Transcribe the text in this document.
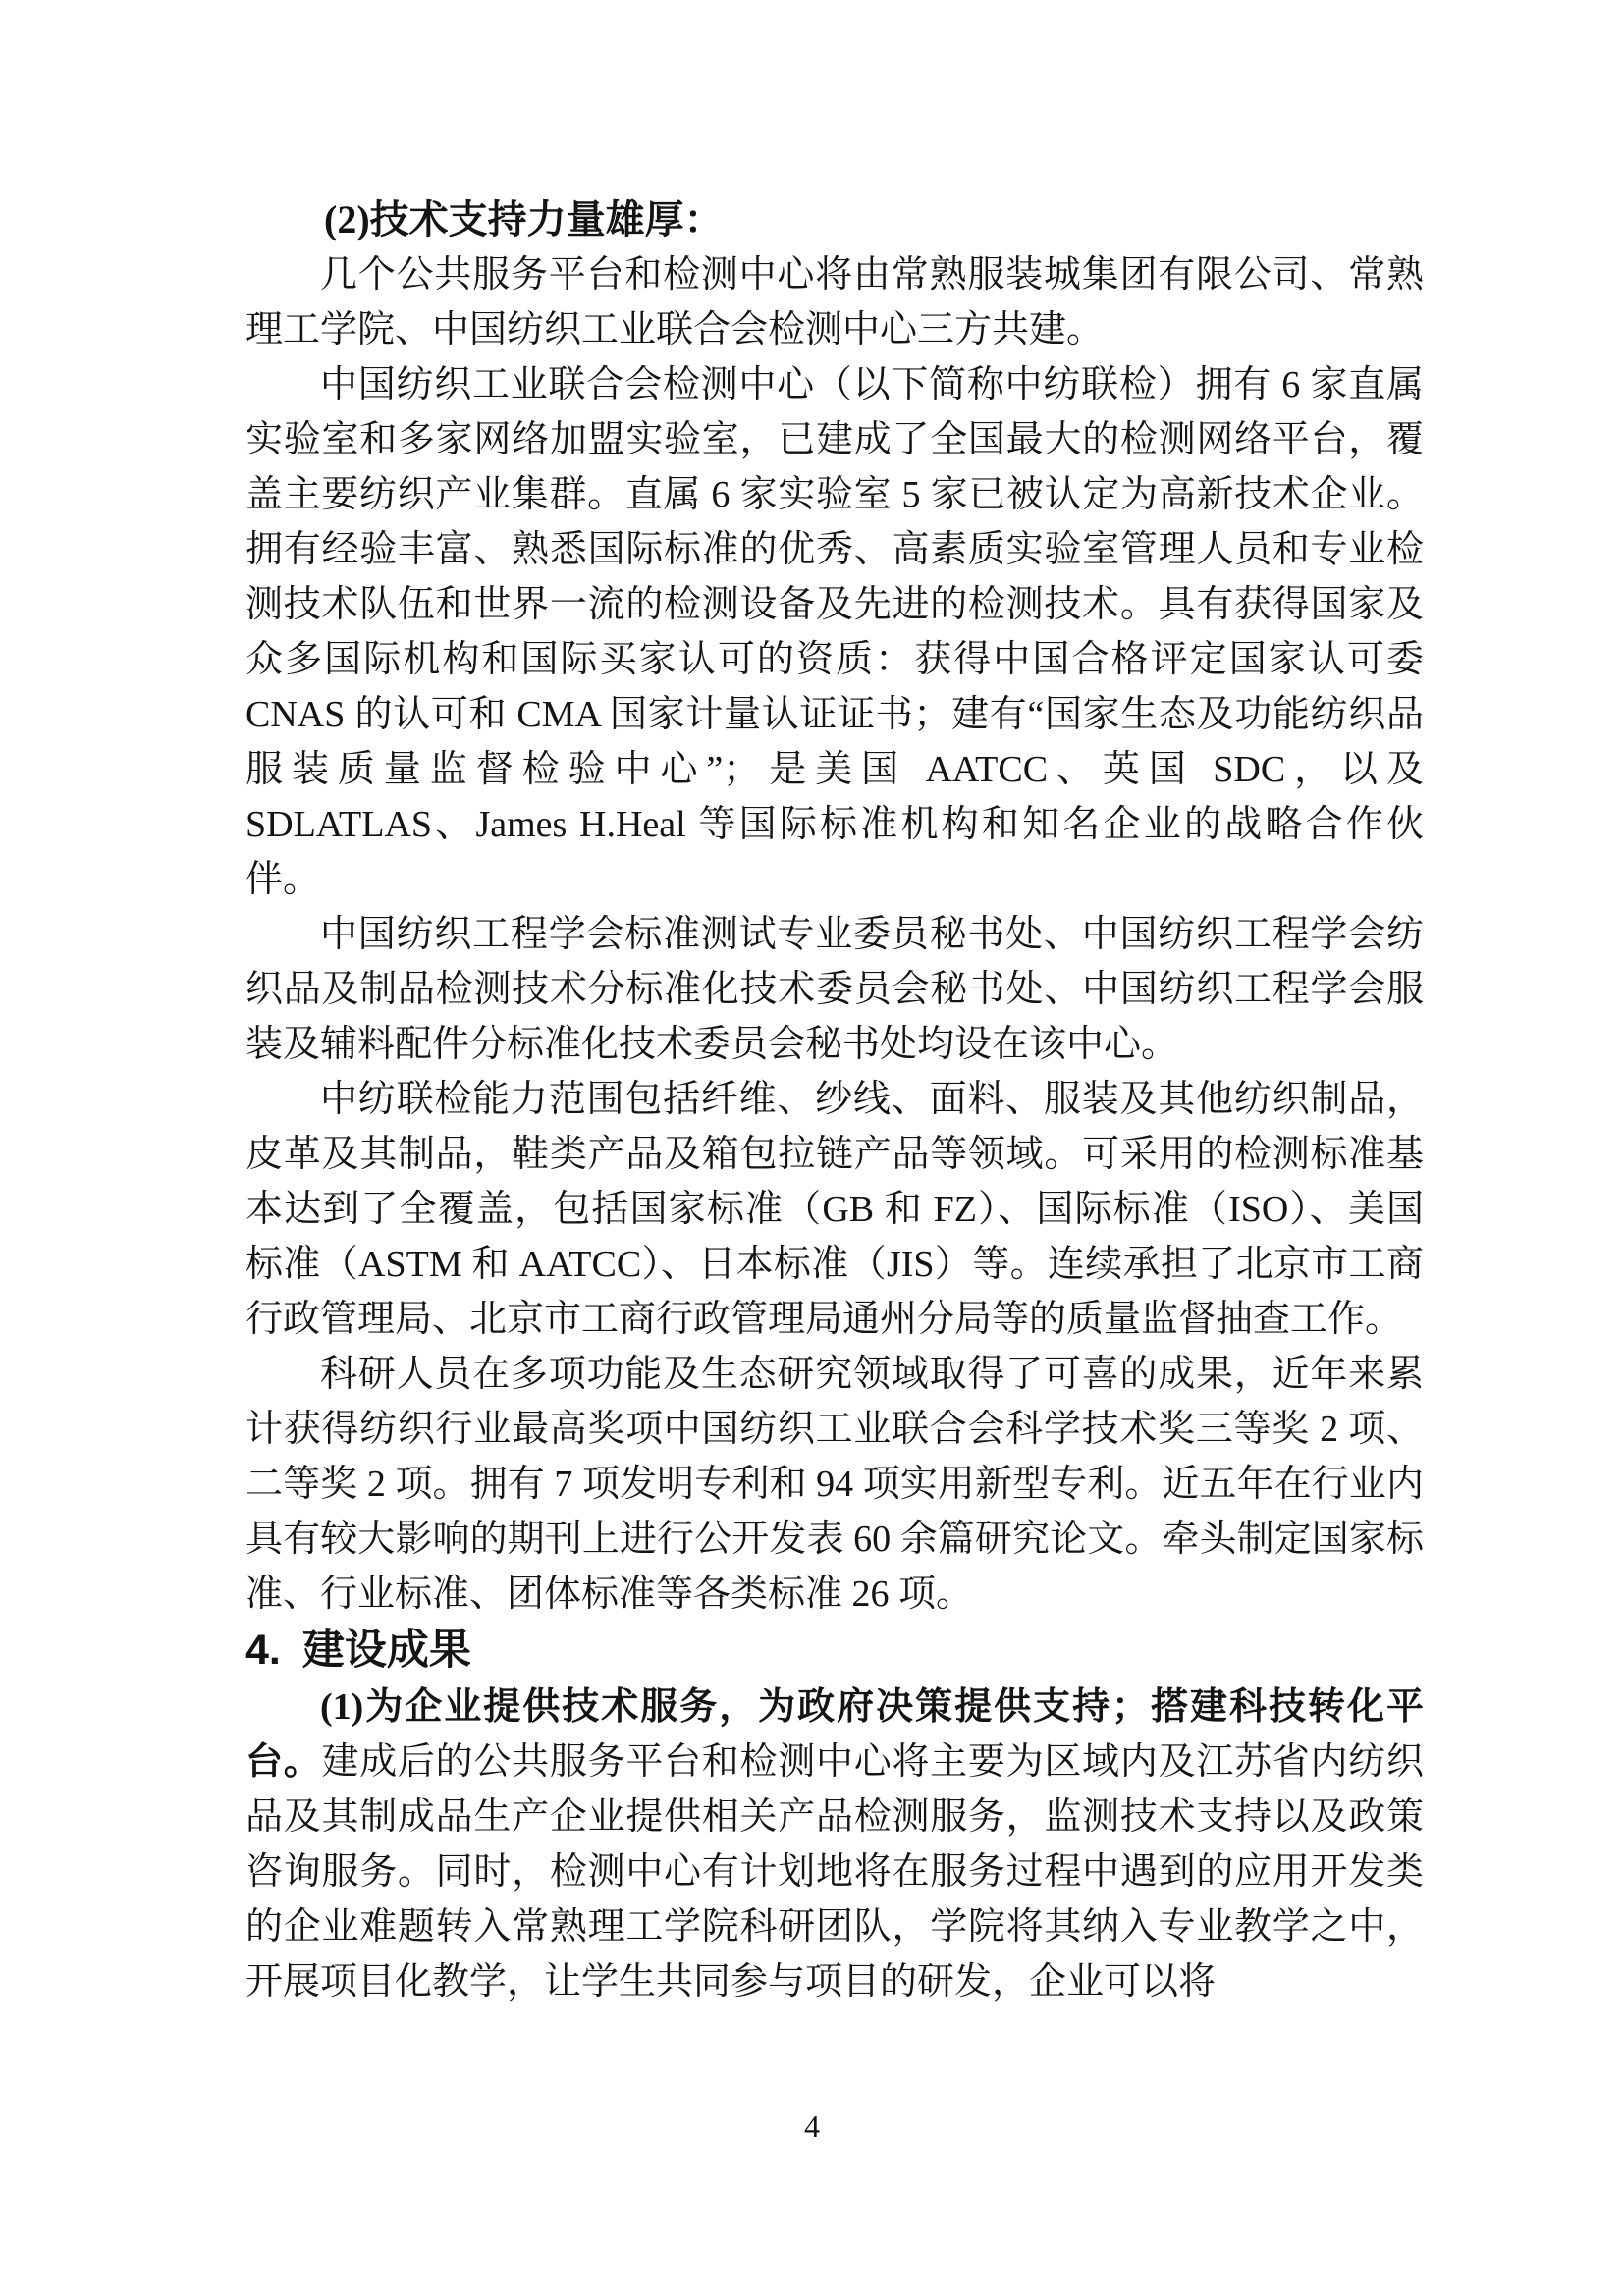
(2)技术支持力量雄厚：

几个公共服务平台和检测中心将由常熟服装城集团有限公司、常熟理工学院、中国纺织工业联合会检测中心三方共建。

中国纺织工业联合会检测中心（以下简称中纺联检）拥有 6 家直属实验室和多家网络加盟实验室，已建成了全国最大的检测网络平台，覆盖主要纺织产业集群。直属 6 家实验室 5 家已被认定为高新技术企业。拥有经验丰富、熟悉国际标准的优秀、高素质实验室管理人员和专业检测技术队伍和世界一流的检测设备及先进的检测技术。具有获得国家及众多国际机构和国际买家认可的资质：获得中国合格评定国家认可委 CNAS 的认可和 CMA 国家计量认证证书；建有“国家生态及功能纺织品服装质量监督检验中心”；是美国 AATCC、英国 SDC，以及 SDLATLAS、James H.Heal 等国际标准机构和知名企业的战略合作伙伴。

中国纺织工程学会标准测试专业委员秘书处、中国纺织工程学会纺织品及制品检测技术分标准化技术委员会秘书处、中国纺织工程学会服装及辅料配件分标准化技术委员会秘书处均设在该中心。

中纺联检能力范围包括纤维、纱线、面料、服装及其他纺织制品，皮革及其制品，鞋类产品及箱包拉链产品等领域。可采用的检测标准基本达到了全覆盖，包括国家标准（GB 和 FZ）、国际标准（ISO）、美国标准（ASTM 和 AATCC）、日本标准（JIS）等。连续承担了北京市工商行政管理局、北京市工商行政管理局通州分局等的质量监督抽查工作。

科研人员在多项功能及生态研究领域取得了可喜的成果，近年来累计获得纺织行业最高奖项中国纺织工业联合会科学技术奖三等奖 2 项、二等奖 2 项。拥有 7 项发明专利和 94 项实用新型专利。近五年在行业内具有较大影响的期刊上进行公开发表 60 余篇研究论文。牵头制定国家标准、行业标准、团体标准等各类标准 26 项。

4. 建设成果

(1)为企业提供技术服务，为政府决策提供支持；搭建科技转化平台。建成后的公共服务平台和检测中心将主要为区域内及江苏省内纺织品及其制成品生产企业提供相关产品检测服务，监测技术支持以及政策咨询服务。同时，检测中心有计划地将在服务过程中遇到的应用开发类的企业难题转入常熟理工学院科研团队，学院将其纳入专业教学之中，开展项目化教学，让学生共同参与项目的研发，企业可以将

4
